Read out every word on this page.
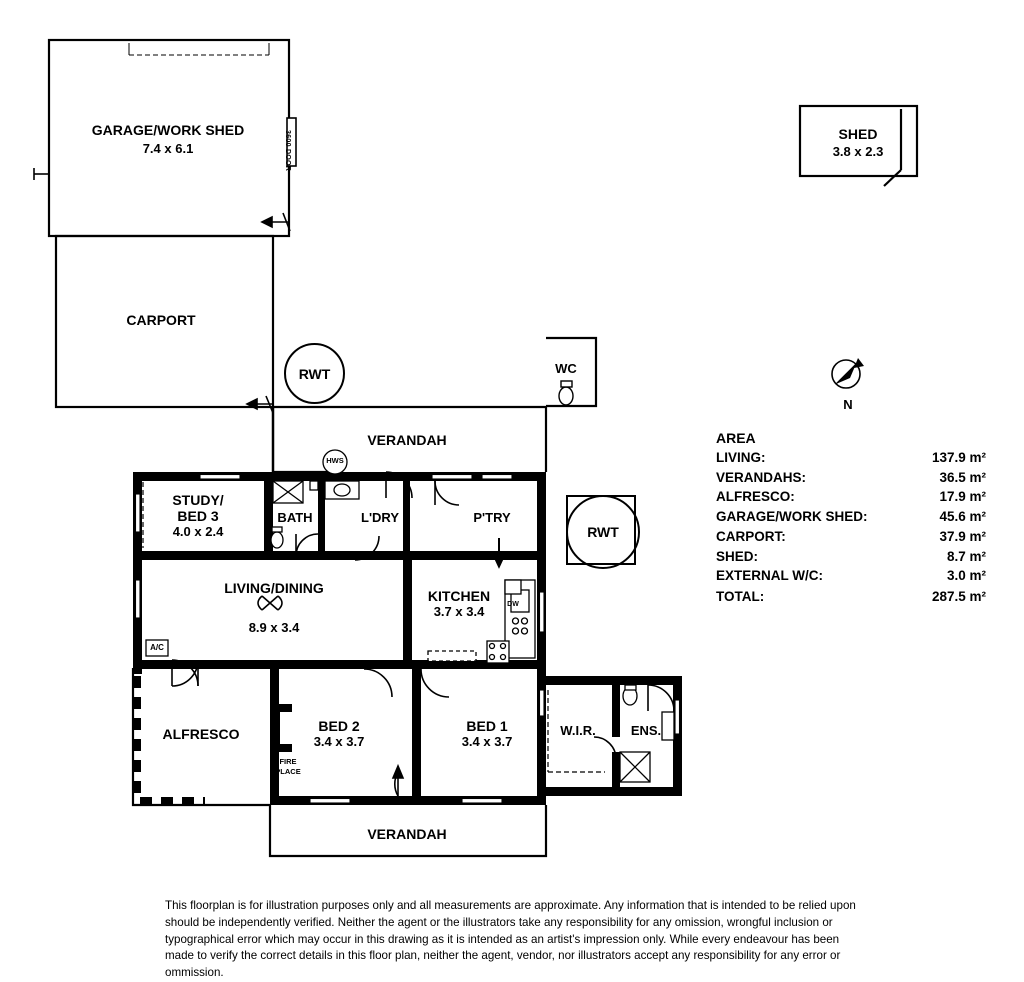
RWT
RWT
N
GARAGE/WORK SHED
7.4 x 6.1	3600 DOOR
CARPORT
SHED
3.8 x 2.3
WC
VERANDAH
VERANDAH
STUDY/
BED 3
4.0 x 2.4
BATH	L'DRY	P'TRY
LIVING/DINING
8.9 x 3.4
KITCHEN
3.7 x 3.4
ALFRESCO	BED 2
3.4 x 3.7
BED 1
3.4 x 3.7
W.I.R.	ENS.
HWS
A/C
DW
FIRE
PLACE
AREA
LIVING:	137.9 m²
VERANDAHS:	36.5 m²
ALFRESCO:	17.9 m²
GARAGE/WORK SHED:	45.6 m²
CARPORT:	37.9 m²
SHED:	8.7 m²
EXTERNAL W/C:	3.0 m²
TOTAL:	287.5 m²
This floorplan is for illustration purposes only and all measurements are approximate. Any information that is intended to be relied upon should be independently verified. Neither the agent or the illustrators take any responsibility for any omission, wrongful inclusion or typographical error which may occur in this drawing as it is intended as an artist's impression only. While every endeavour has been made to verify the correct details in this floor plan, neither the agent, vendor, nor illustrators accept any responsibility for any error or ommission.
